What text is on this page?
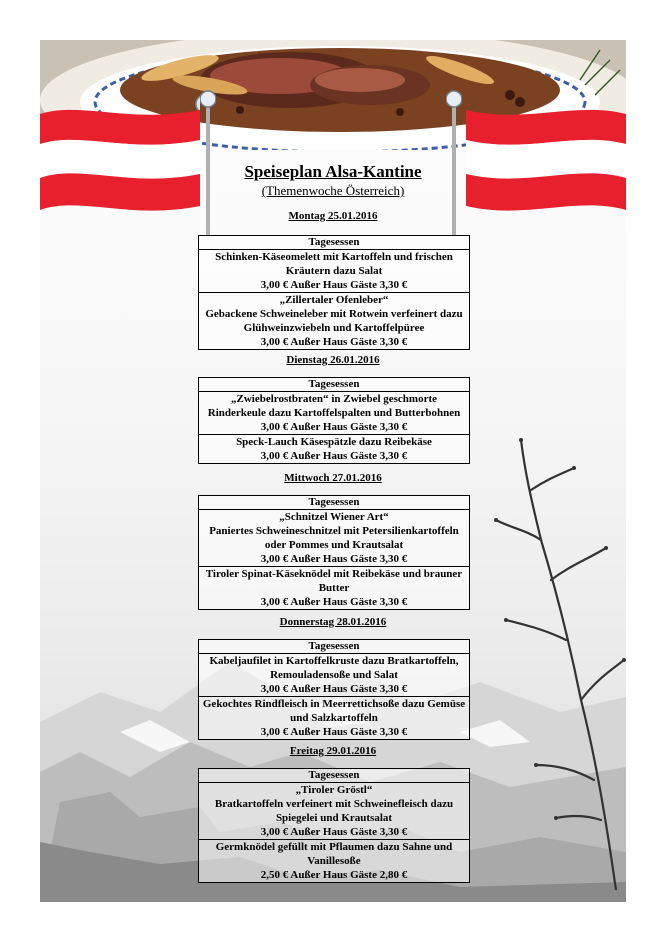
Speiseplan Alsa-Kantine
(Themenwoche Österreich)
Montag 25.01.2016
Tagesessen
Schinken-Käseomelett mit Kartoffeln und frischen Kräutern dazu Salat
3,00 € Außer Haus Gäste 3,30 €
„Zillertaler Ofenleber“
Gebackene Schweineleber mit Rotwein verfeinert dazu Glühweinzwiebeln und Kartoffelpüree
3,00 € Außer Haus Gäste 3,30 €
Dienstag 26.01.2016
Tagesessen
„Zwiebelrostbraten“ in Zwiebel geschmorte Rinderkeule dazu Kartoffelspalten und Butterbohnen
3,00 € Außer Haus Gäste 3,30 €
Speck-Lauch Käsespätzle dazu Reibekäse
3,00 € Außer Haus Gäste 3,30 €
Mittwoch 27.01.2016
Tagesessen
„Schnitzel Wiener Art“
Paniertes Schweineschnitzel mit Petersilienkartoffeln oder Pommes und Krautsalat
3,00 € Außer Haus Gäste 3,30 €
Tiroler Spinat-Käseknödel mit Reibekäse und brauner Butter
3,00 € Außer Haus Gäste 3,30 €
Donnerstag 28.01.2016
Tagesessen
Kabeljaufilet in Kartoffelkruste dazu Bratkartoffeln, Remouladensoße und Salat
3,00 € Außer Haus Gäste 3,30 €
Gekochtes Rindfleisch in Meerrettichsoße dazu Gemüse und Salzkartoffeln
3,00 € Außer Haus Gäste 3,30 €
Freitag 29.01.2016
Tagesessen
„Tiroler Gröstl“
Bratkartoffeln verfeinert mit Schweinefleisch dazu Spiegelei und Krautsalat
3,00 € Außer Haus Gäste 3,30 €
Germknödel gefüllt mit Pflaumen dazu Sahne und Vanillesoße
2,50 € Außer Haus Gäste 2,80 €
